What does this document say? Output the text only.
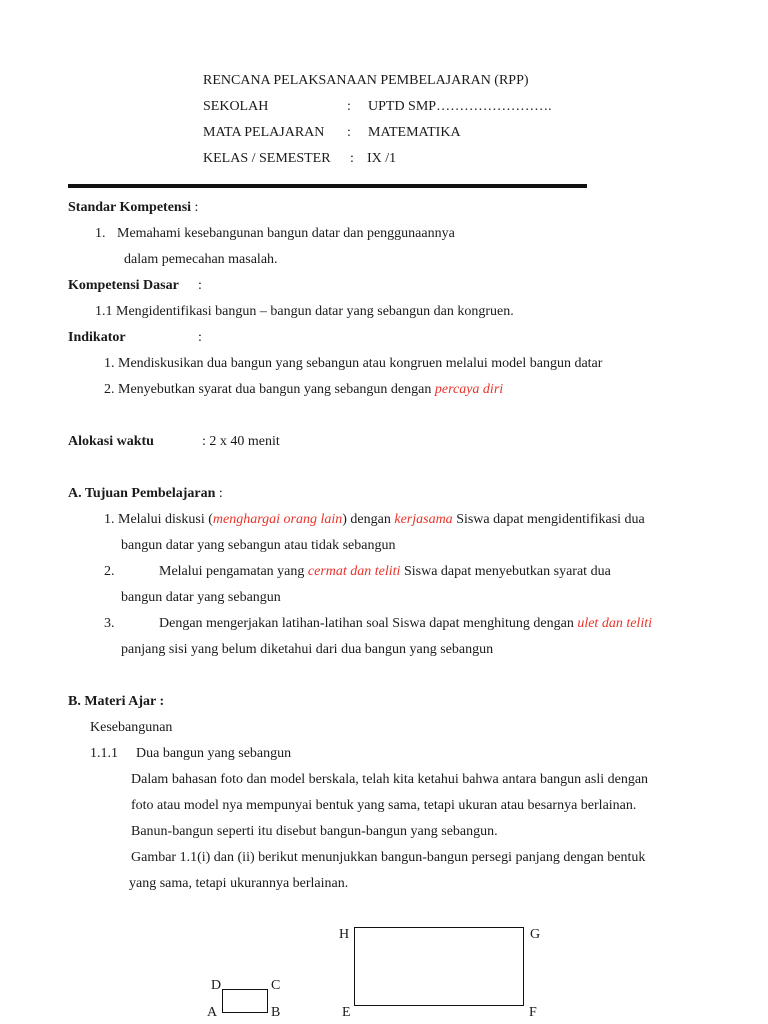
RENCANA PELAKSANAAN PEMBELAJARAN (RPP)
SEKOLAH	: UPTD SMP…………………….
MATA PELAJARAN : MATEMATIKA
KELAS / SEMESTER : IX /1
Standar Kompetensi :
1. Memahami kesebangunan bangun datar dan penggunaannya
dalam pemecahan masalah.
Kompetensi Dasar :
1.1 Mengidentifikasi bangun – bangun datar yang sebangun dan kongruen.
Indikator	:
1. Mendiskusikan dua bangun yang sebangun atau kongruen melalui model bangun datar
2. Menyebutkan syarat dua bangun yang sebangun dengan percaya diri
Alokasi waktu	: 2 x 40 menit
A. Tujuan Pembelajaran :
1. Melalui diskusi (menghargai orang lain) dengan kerjasama Siswa dapat mengidentifikasi dua
bangun datar yang sebangun atau tidak sebangun
2.	Melalui pengamatan yang cermat dan teliti Siswa dapat menyebutkan syarat dua
bangun datar yang sebangun
3.	Dengan mengerjakan latihan-latihan soal Siswa dapat menghitung dengan ulet dan teliti
panjang sisi yang belum diketahui dari dua bangun yang sebangun
B. Materi Ajar :
Kesebangunan
1.1.1 Dua bangun yang sebangun
Dalam bahasan foto dan model berskala, telah kita ketahui bahwa antara bangun asli dengan
foto atau model nya mempunyai bentuk yang sama, tetapi ukuran atau besarnya berlainan.
Banun-bangun seperti itu disebut bangun-bangun yang sebangun.
Gambar 1.1(i) dan (ii) berikut menunjukkan bangun-bangun persegi panjang dengan bentuk
yang sama, tetapi ukurannya berlainan.
D	C
A	B
H	G
E	F
